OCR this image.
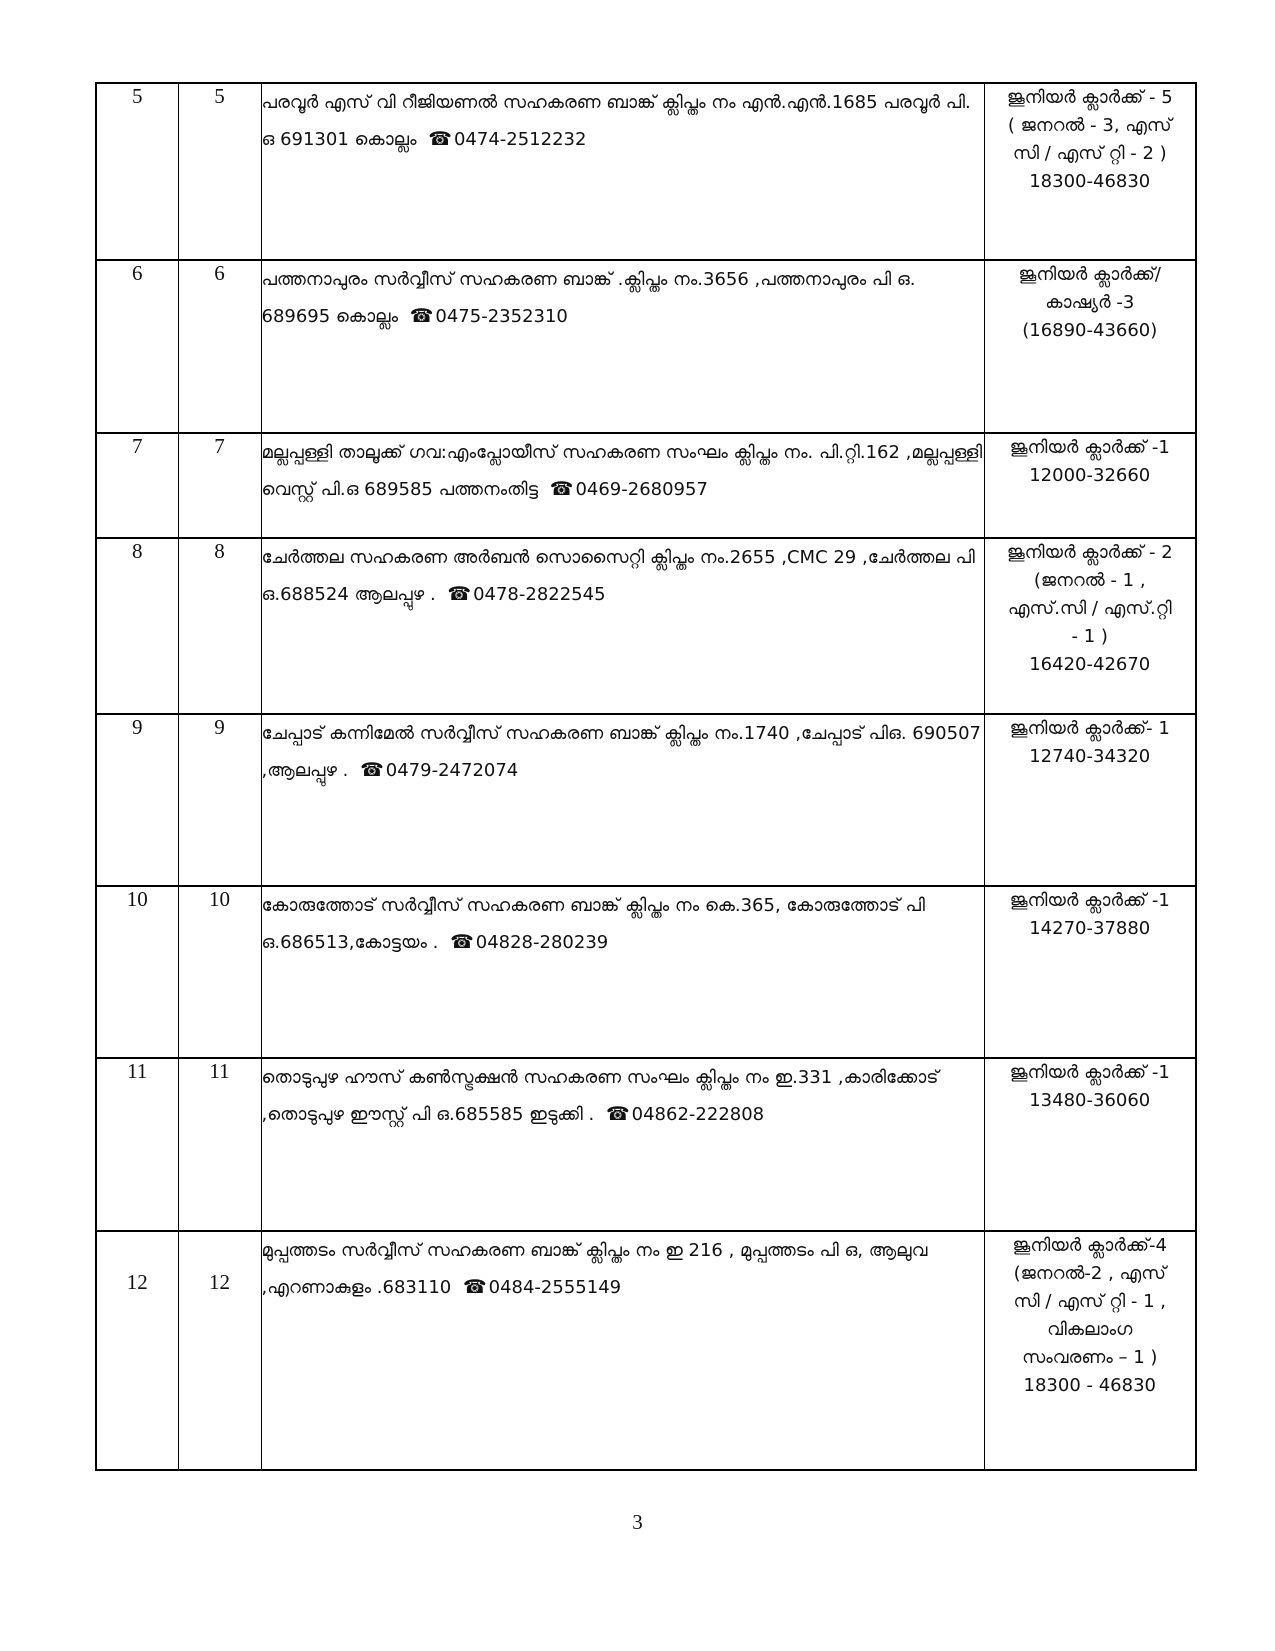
5	5	പരവൂർ എസ് വി റീജിയണൽ സഹകരണ ബാങ്ക് ക്ലിപ്തം നം എൻ.എൻ.1685 പരവൂർ പി. ഒ 691301 കൊല്ലം ☎ 0474-2512232	ജൂനിയർ ക്ലാർക്ക് - 5
( ജനറൽ - 3, എസ്
സി / എസ് റ്റി - 2 )
18300-46830

6	6	പത്തനാപുരം സർവ്വീസ് സഹകരണ ബാങ്ക് .ക്ലിപ്തം നം.3656 ,പത്തനാപുരം പി ഒ. 689695 കൊല്ലം ☎ 0475-2352310	ജൂനിയർ ക്ലാർക്ക്/
കാഷ്യർ -3
(16890-43660)

7	7	മല്ലപ്പള്ളി താലൂക്ക് ഗവ:എംപ്ലോയീസ് സഹകരണ സംഘം ക്ലിപ്തം നം. പി.റ്റി.162 ,മല്ലപ്പള്ളി വെസ്റ്റ് പി.ഒ 689585 പത്തനംതിട്ട ☎ 0469-2680957	ജൂനിയർ ക്ലാർക്ക് -1
12000-32660

8	8	ചേർത്തല സഹകരണ അർബൻ സൊസൈറ്റി ക്ലിപ്തം നം.2655 ,CMC 29 ,ചേർത്തല പി ഒ.688524 ആലപ്പുഴ . ☎ 0478-2822545	ജൂനിയർ ക്ലാർക്ക് - 2
(ജനറൽ - 1 ,
എസ്.സി / എസ്.റ്റി
- 1 )
16420-42670

9	9	ചേപ്പാട് കന്നിമേൽ സർവ്വീസ് സഹകരണ ബാങ്ക് ക്ലിപ്തം നം.1740 ,ചേപ്പാട് പിഒ. 690507 ,ആലപ്പുഴ . ☎ 0479-2472074	ജൂനിയർ ക്ലാർക്ക്- 1
12740-34320

10	10	കോരുത്തോട് സർവ്വീസ് സഹകരണ ബാങ്ക് ക്ലിപ്തം നം കെ.365, കോരുത്തോട് പി ഒ.686513,കോട്ടയം . ☎ 04828-280239	ജൂനിയർ ക്ലാർക്ക് -1
14270-37880

11	11	തൊടുപുഴ ഹൗസ് കൺസ്ട്രക്ഷൻ സഹകരണ സംഘം ക്ലിപ്തം നം ഇ.331 ,കാരിക്കോട് ,തൊടുപുഴ ഈസ്റ്റ് പി ഒ.685585 ഇടുക്കി . ☎ 04862-222808	ജൂനിയർ ക്ലാർക്ക് -1
13480-36060

12	12	മുപ്പത്തടം സർവ്വീസ് സഹകരണ ബാങ്ക് ക്ലിപ്തം നം ഇ 216 , മുപ്പത്തടം പി ഒ, ആലുവ ,എറണാകുളം .683110 ☎ 0484-2555149	
ജൂനിയർ ക്ലാർക്ക്-4
(ജനറൽ-2 , എസ്
സി / എസ് റ്റി - 1 ,
വികലാംഗ
സംവരണം – 1 )
18300 - 46830
3
